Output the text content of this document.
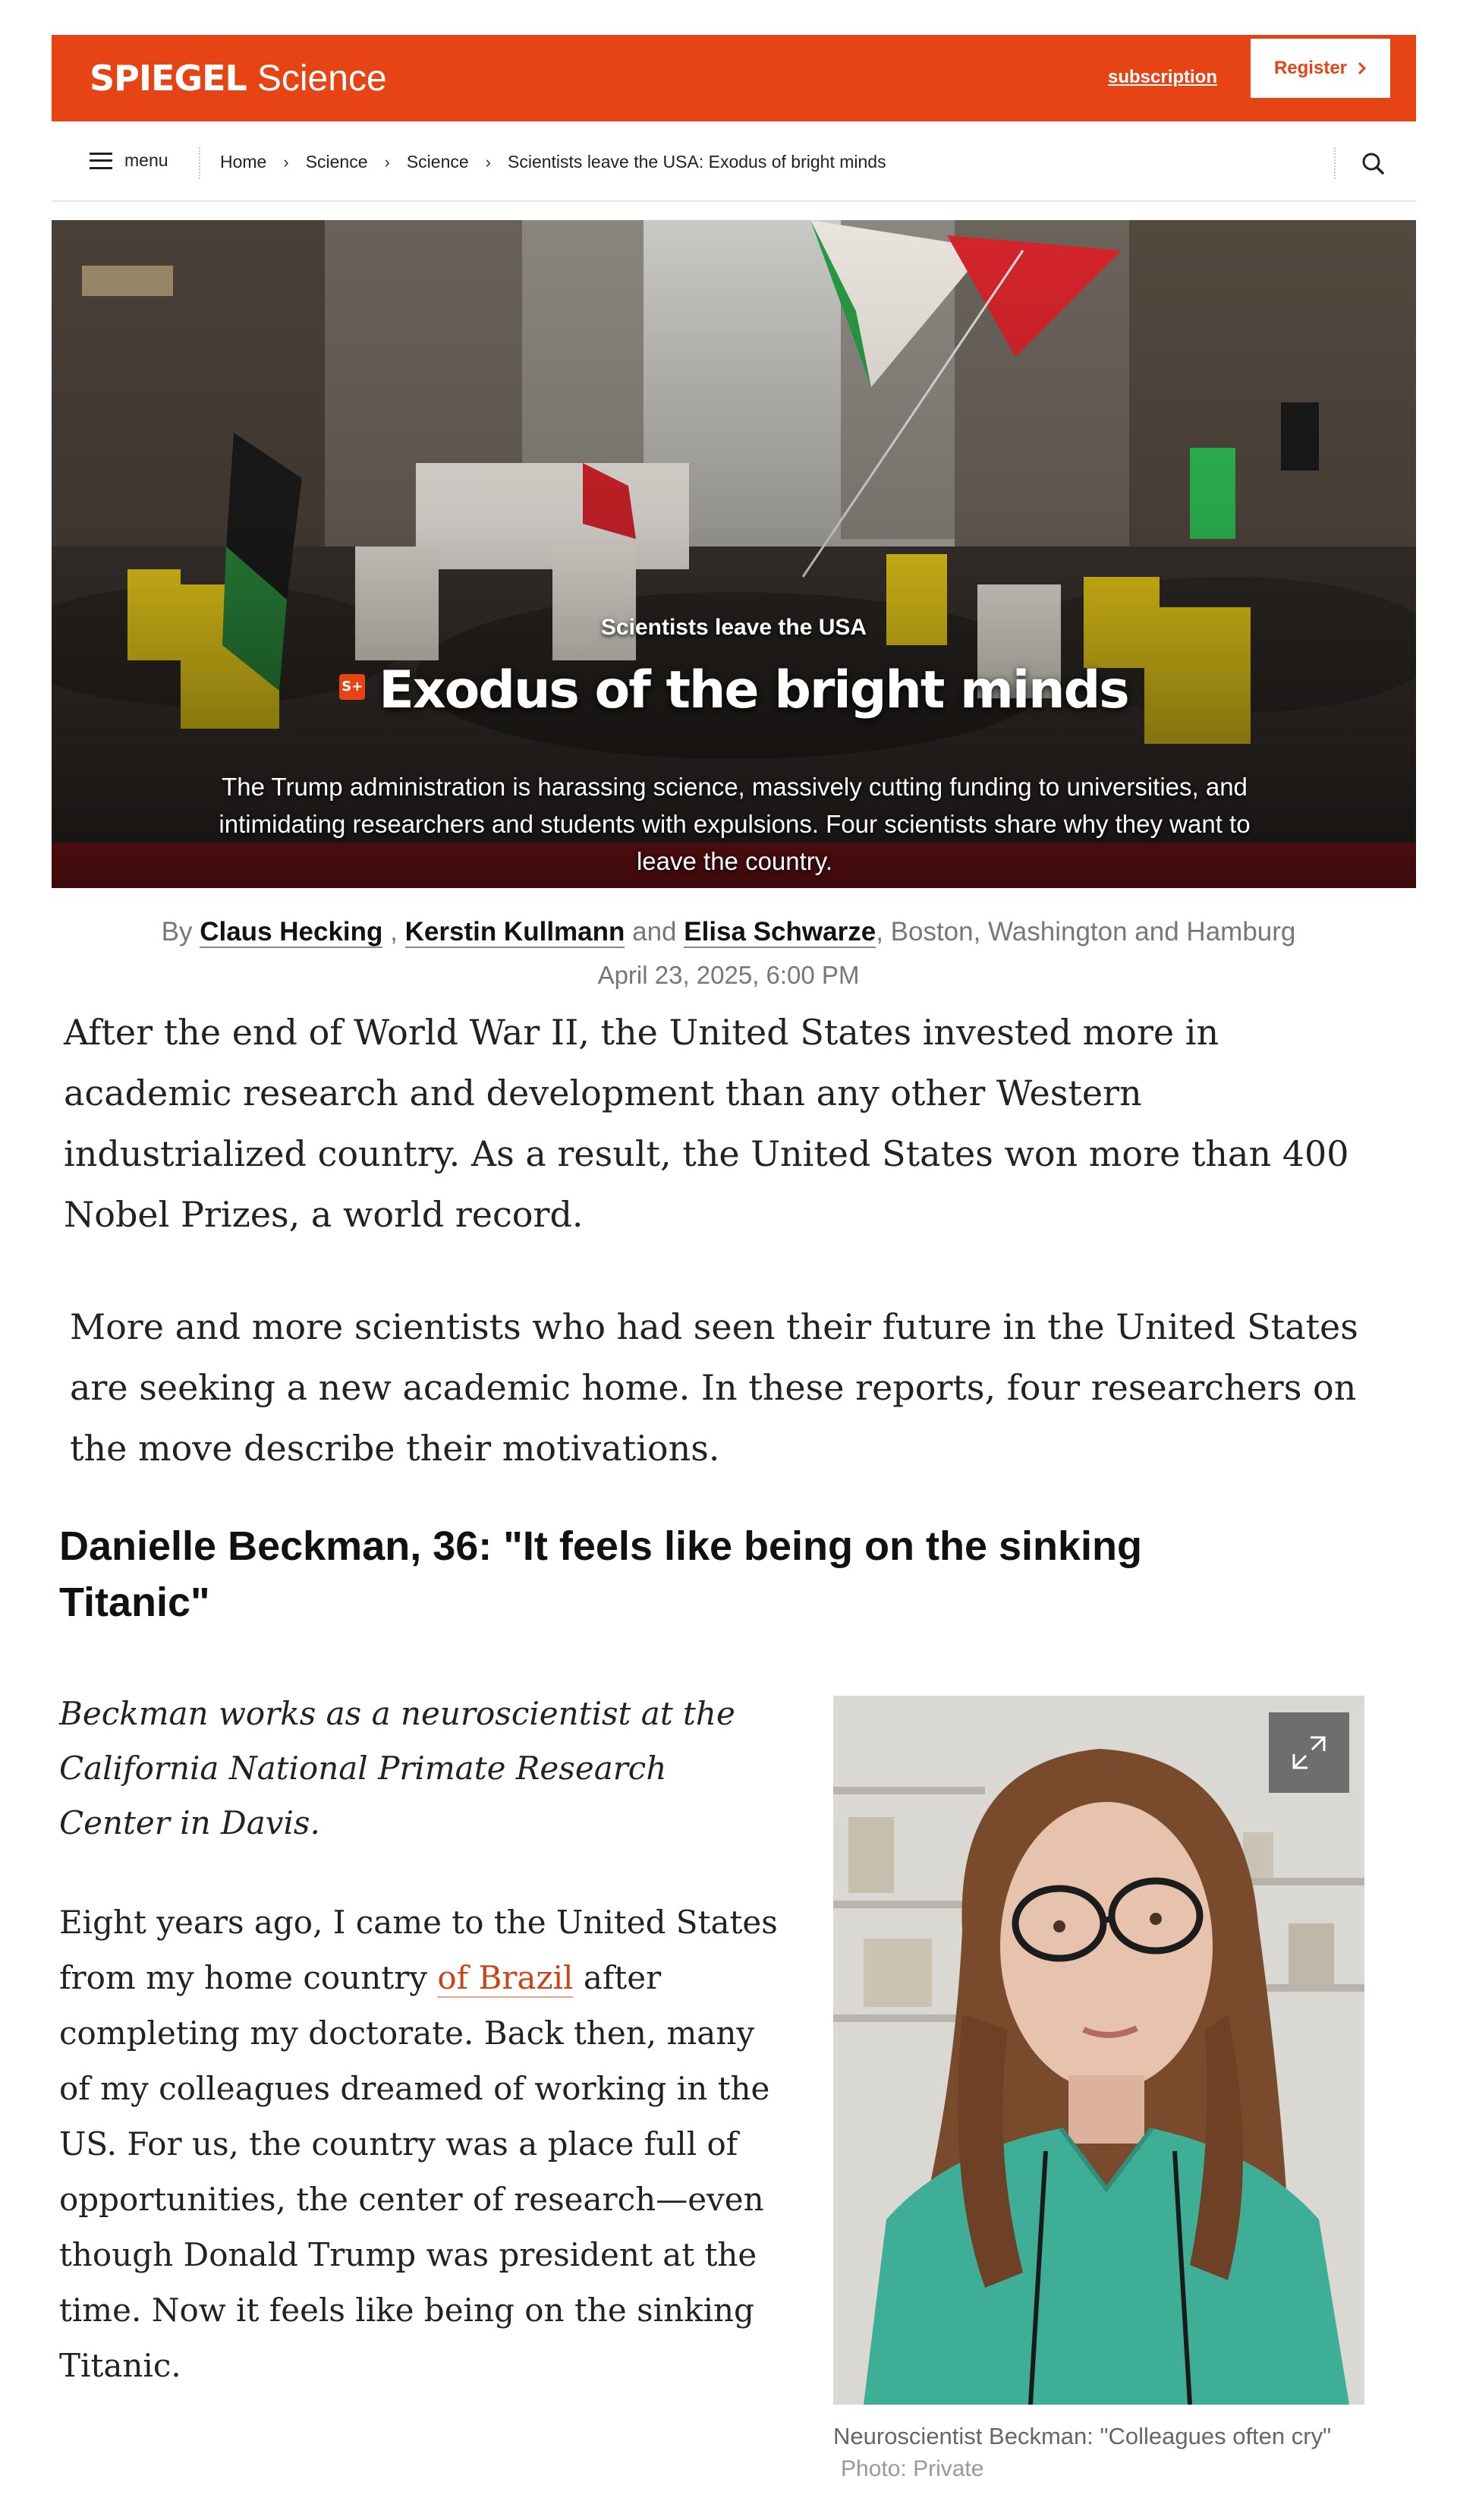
SPIEGEL Science	subscription	Register
menu	Home › Science › Science › Scientists leave the USA: Exodus of bright minds
Scientists leave the USA
S+ Exodus of the bright minds
The Trump administration is harassing science, massively cutting funding to universities, and intimidating researchers and students with expulsions. Four scientists share why they want to leave the country.
By Claus Hecking , Kerstin Kullmann and Elisa Schwarze, Boston, Washington and Hamburg
April 23, 2025, 6:00 PM
After the end of World War II, the United States invested more in academic research and development than any other Western industrialized country. As a result, the United States won more than 400 Nobel Prizes, a world record.
More and more scientists who had seen their future in the United States are seeking a new academic home. In these reports, four researchers on the move describe their motivations.
Danielle Beckman, 36: "It feels like being on the sinking Titanic"
Beckman works as a neuroscientist at the California National Primate Research Center in Davis.
Eight years ago, I came to the United States from my home country of Brazil after completing my doctorate. Back then, many of my colleagues dreamed of working in the US. For us, the country was a place full of opportunities, the center of research—even though Donald Trump was president at the time. Now it feels like being on the sinking Titanic.
Neuroscientist Beckman: "Colleagues often cry"
Photo: Private
